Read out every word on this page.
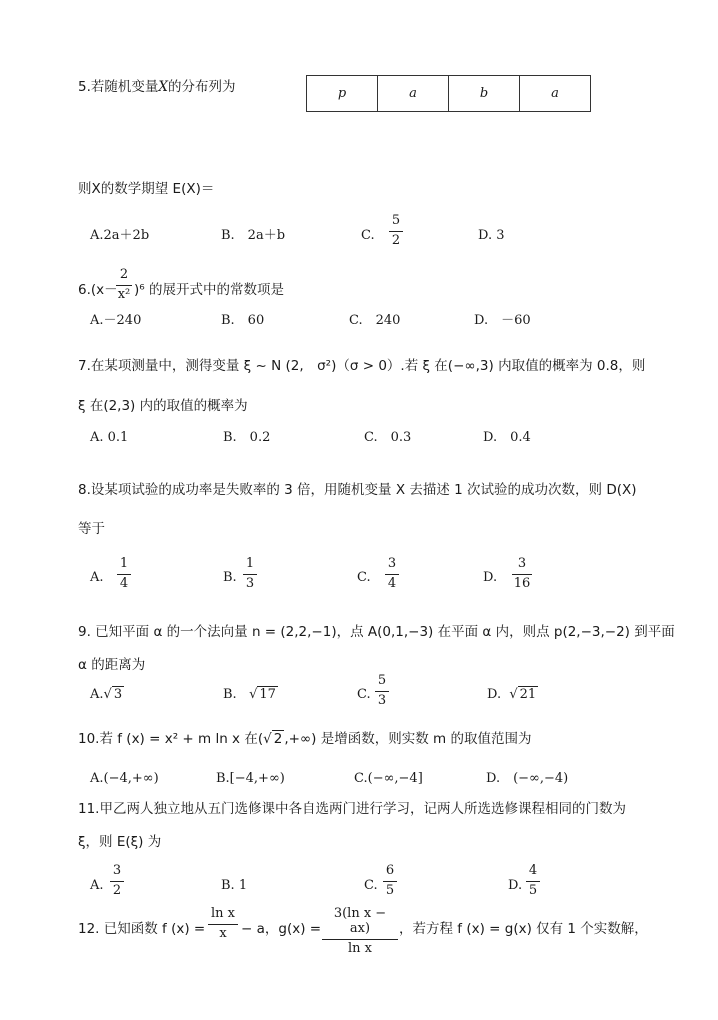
5.若随机变量X的分布列为	p	a	b	a
则X的数学期望 E(X)＝
A.2a＋2b	B.　2a＋b	C.
5
2	D. 3
6.(x－
2
x² )⁶ 的展开式中的常数项是
A.－240	B.　60	C.　240	D.　－60
7.在某项测量中，测得变量 ξ ~ N (2,　σ²)（σ > 0）.若 ξ 在(−∞,3) 内取值的概率为 0.8，则
ξ 在(2,3) 内的取值的概率为
A. 0.1	B.　0.2	C.　0.3	D.　0.4
8.设某项试验的成功率是失败率的 3 倍，用随机变量 X 去描述 1 次试验的成功次数，则 D(X)
等于
A.
1
4	B.
1
3	C.
3
4	D.
3
16
9. 已知平面 α 的一个法向量 n = (2,2,−1)，点 A(0,1,−3) 在平面 α 内，则点 p(2,−3,−2) 到平面
α 的距离为
A.√ 3	B.   √ 17	C.
5
3	D.  √ 21
10.若 f (x) = x² + m ln x 在(√ 2 ,+∞) 是增函数，则实数 m 的取值范围为
A.(−4,+∞)	B.[−4,+∞)	C.(−∞,−4]	D.　(−∞,−4)
11.甲乙两人独立地从五门选修课中各自选两门进行学习，记两人所选选修课程相同的门数为
ξ，则 E(ξ) 为
A.
3
2	B. 1	C.
6
5	D.
4
5
12. 已知函数 f (x) =
ln x
x	− a，g(x) =
3(ln x − ax)
ln x
，若方程 f (x) = g(x) 仅有 1 个实数解，
